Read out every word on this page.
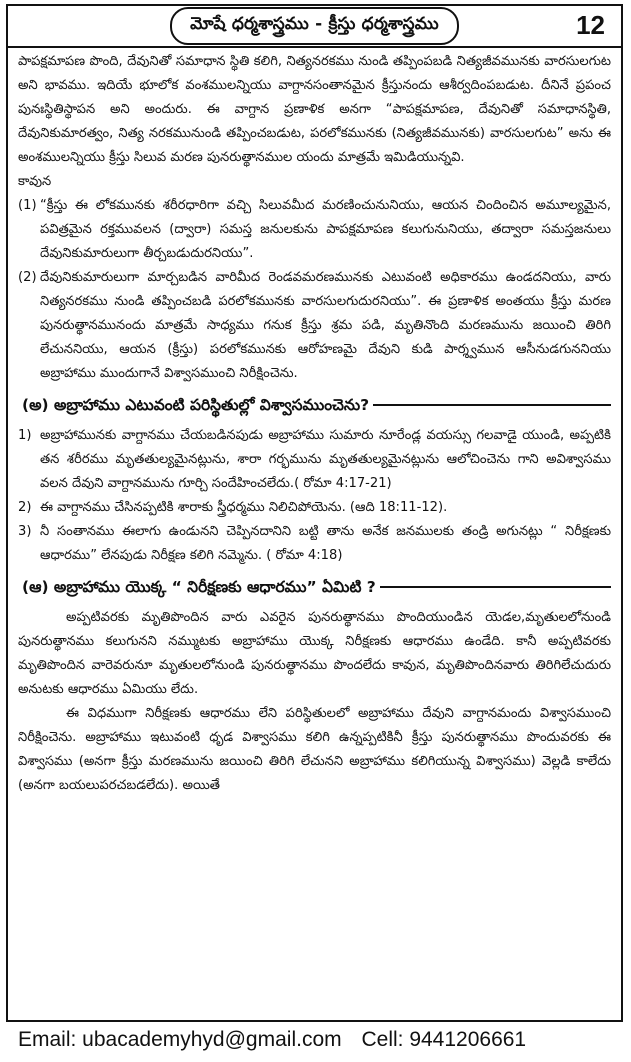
మోషే ధర్మశాస్త్రము - క్రీస్తు ధర్మశాస్త్రము	12

పాపక్షమాపణ పొంది, దేవునితో సమాధాన స్థితి కలిగి, నిత్యనరకము నుండి తప్పింపబడి నిత్యజీవమునకు వారసులగుట అని భావము. ఇదియే భూలోక వంశములన్నియు వాగ్దానసంతానమైన క్రీస్తునందు ఆశీర్వదింపబడుట. దీనినే ప్రపంచ పునఃస్థితిస్థాపన అని అందురు. ఈ వాగ్దాన ప్రణాళిక అనగా “పాపక్షమాపణ, దేవునితో సమాధానస్థితి, దేవునికుమారత్వం, నిత్య నరకమునుండి తప్పించబడుట, పరలోకమునకు (నిత్యజీవమునకు) వారసులగుట” అను ఈ అంశములన్నియు క్రీస్తు సిలువ మరణ పునరుత్థానముల యందు మాత్రమే ఇమిడియున్నవి.

కావున

(1) “క్రీస్తు ఈ లోకమునకు శరీరధారిగా వచ్చి సిలువమీద మరణించునునియు, ఆయన చిందించిన అమూల్యమైన, పవిత్రమైన రక్తమువలన (ద్వారా) సమస్త జనులకును పాపక్షమాపణ కలుగునునియు, తద్వారా సమస్తజనులు దేవునికుమారులుగా తీర్చబడుదురనియు”.
(2) దేవునికుమారులుగా మార్చబడిన వారిమీద రెండవమరణమునకు ఎటువంటి అధికారము ఉండదనియు, వారు నిత్యనరకము నుండి తప్పించబడి పరలోకమునకు వారసులగుదురనియు”. ఈ ప్రణాళిక అంతయు క్రీస్తు మరణ పునరుత్థానమునందు మాత్రమే సాధ్యము గనుక క్రీస్తు శ్రమ పడి, మృతినొంది మరణమును జయించి తిరిగి లేచుననియు, ఆయన (క్రీస్తు) పరలోకమునకు ఆరోహణమై దేవుని కుడి పార్శ్వమున ఆసీనుడగుననియు అబ్రాహాము ముందుగానే విశ్వాసముంచి నిరీక్షించెను.
(అ) అబ్రాహాము ఎటువంటి పరిస్థితుల్లో విశ్వాసముంచెను?
1) అబ్రాహామునకు వాగ్దానము చేయబడినపుడు అబ్రాహాము సుమారు నూరేండ్ల వయస్సు గలవాడై యుండి, అప్పటికి తన శరీరము మృతతుల్యమైనట్లును, శారా గర్భమును మృతతుల్యమైనట్లును ఆలోచించెను గాని అవిశ్వాసము వలన దేవుని వాగ్దానమును గూర్చి సందేహించలేదు.( రోమా 4:17-21)
2) ఈ వాగ్దానము చేసినప్పటికి శారాకు స్త్రీధర్మము నిలిచిపోయెను. (ఆది 18:11-12).
3) నీ సంతానము ఈలాగు ఉండునని చెప్పినదానిని బట్టి తాను అనేక జనములకు తండ్రి అగునట్లు “ నిరీక్షణకు ఆధారము” లేనపుడు నిరీక్షణ కలిగి నమ్మెను. ( రోమా 4:18)
(ఆ) అబ్రాహాము యొక్క “ నిరీక్షణకు ఆధారము” ఏమిటి ?

అప్పటివరకు మృతిపొందిన వారు ఎవరైన పునరుత్థానము పొందియుండిన యెడల,మృతులలోనుండి పునరుత్థానము కలుగునని నమ్ముటకు అబ్రాహాము యొక్క నిరీక్షణకు ఆధారము ఉండేది. కానీ అప్పటివరకు మృతిపొందిన వారెవరునూ మృతులలోనుండి పునరుత్థానము పొందలేదు కావున, మృతిపొందినవారు తిరిగిలేచుదురు అనుటకు ఆధారము ఏమియు లేదు.

ఈ విధముగా నిరీక్షణకు ఆధారము లేని పరిస్థితులలో అబ్రాహాము దేవుని వాగ్దానమందు విశ్వాసముంచి నిరీక్షించెను. అబ్రాహాము ఇటువంటి ధృడ విశ్వాసము కలిగి ఉన్నప్పటికినీ క్రీస్తు పునరుత్థానము పొందువరకు ఈ విశ్వాసము (అనగా క్రీస్తు మరణమును జయించి తిరిగి లేచునని అబ్రాహాము కలిగియున్న విశ్వాసము) వెల్లడి కాలేదు (అనగా బయలుపరచబడలేదు). అయితే

Email: ubacademyhyd@gmail.com Cell: 9441206661
